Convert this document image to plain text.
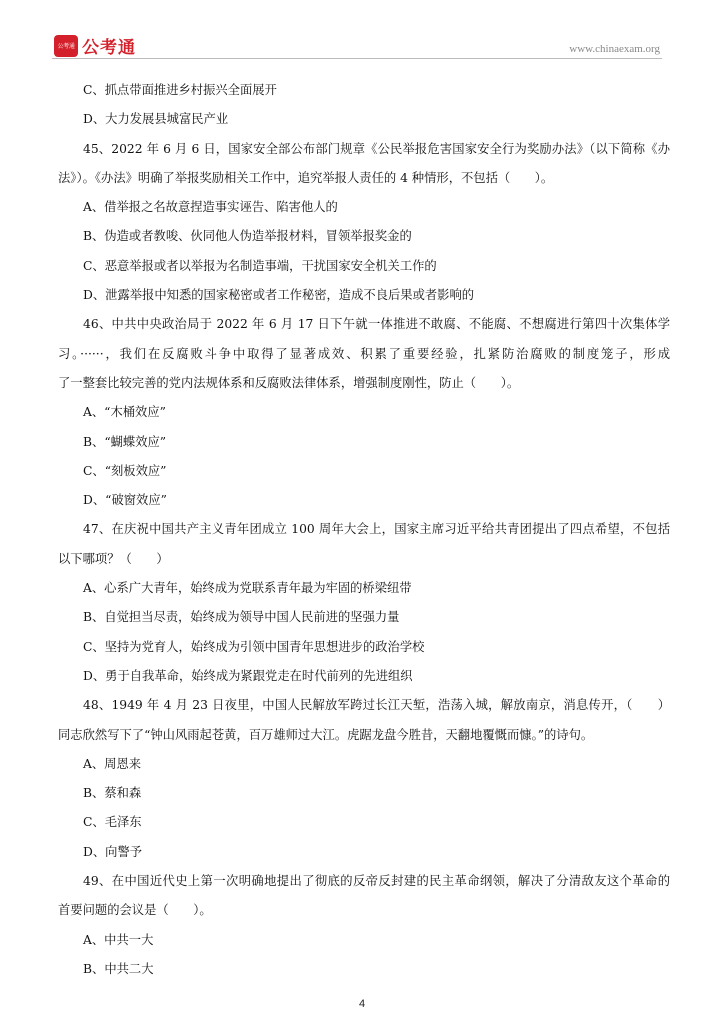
公考通 公考通	www.chinaexam.org
C、抓点带面推进乡村振兴全面展开
D、大力发展县城富民产业
45、2022 年 6 月 6 日，国家安全部公布部门规章《公民举报危害国家安全行为奖励办法》（以下简称《办
法》）。《办法》明确了举报奖励相关工作中，追究举报人责任的 4 种情形，不包括（　　）。
A、借举报之名故意捏造事实诬告、陷害他人的
B、伪造或者教唆、伙同他人伪造举报材料，冒领举报奖金的
C、恶意举报或者以举报为名制造事端，干扰国家安全机关工作的
D、泄露举报中知悉的国家秘密或者工作秘密，造成不良后果或者影响的
46、中共中央政治局于 2022 年 6 月 17 日下午就一体推进不敢腐、不能腐、不想腐进行第四十次集体学
习。······，我们在反腐败斗争中取得了显著成效、积累了重要经验，扎紧防治腐败的制度笼子，形成
了一整套比较完善的党内法规体系和反腐败法律体系，增强制度刚性，防止（　　）。
A、“木桶效应”
B、“蝴蝶效应”
C、“刻板效应”
D、“破窗效应”
47、在庆祝中国共产主义青年团成立 100 周年大会上，国家主席习近平给共青团提出了四点希望，不包括
以下哪项？（　　）
A、心系广大青年，始终成为党联系青年最为牢固的桥梁纽带
B、自觉担当尽责，始终成为领导中国人民前进的坚强力量
C、坚持为党育人，始终成为引领中国青年思想进步的政治学校
D、勇于自我革命，始终成为紧跟党走在时代前列的先进组织
48、1949 年 4 月 23 日夜里，中国人民解放军跨过长江天堑，浩荡入城，解放南京，消息传开，（　　）
同志欣然写下了“钟山风雨起苍黄，百万雄师过大江。虎踞龙盘今胜昔，天翻地覆慨而慷。”的诗句。
A、周恩来
B、蔡和森
C、毛泽东
D、向警予
49、在中国近代史上第一次明确地提出了彻底的反帝反封建的民主革命纲领，解决了分清敌友这个革命的
首要问题的会议是（　　）。
A、中共一大
B、中共二大
4
